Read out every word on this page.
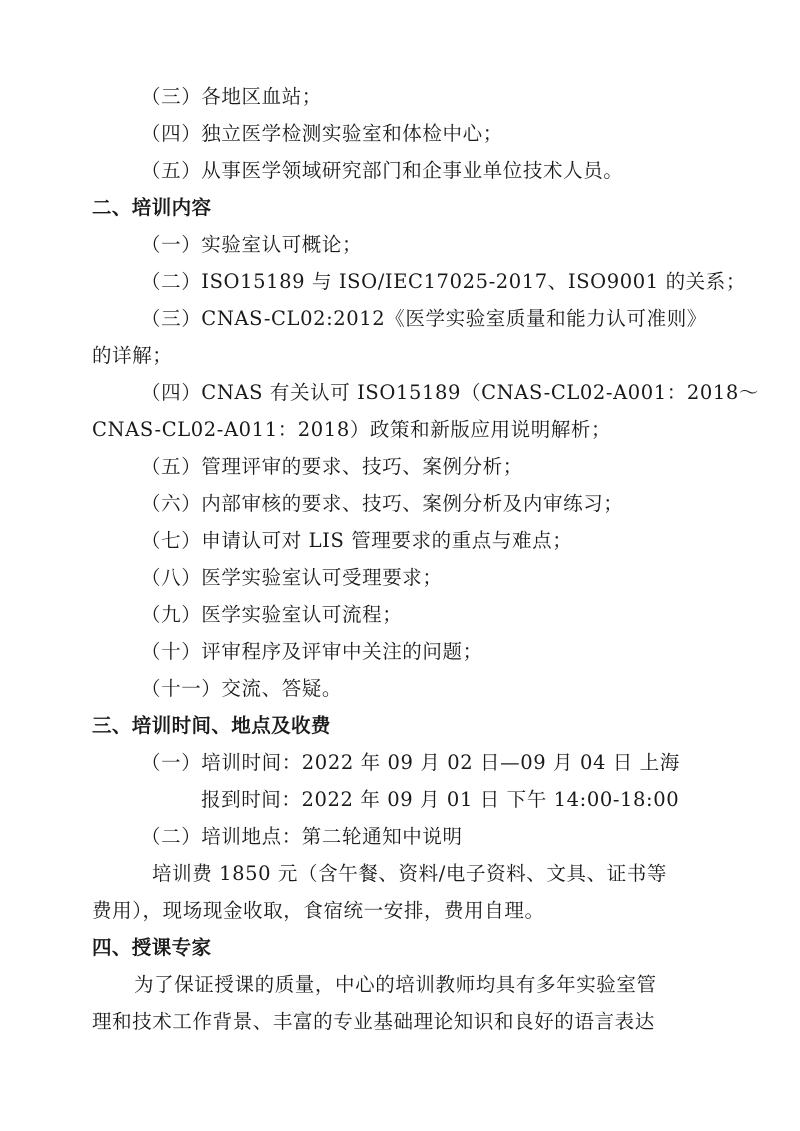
（三）各地区血站；
（四）独立医学检测实验室和体检中心；
（五）从事医学领域研究部门和企事业单位技术人员。
二、培训内容
（一）实验室认可概论；
（二）ISO15189 与 ISO/IEC17025-2017、ISO9001 的关系；
（三）CNAS-CL02:2012《医学实验室质量和能力认可准则》
的详解；
（四）CNAS 有关认可 ISO15189（CNAS-CL02-A001：2018～
CNAS-CL02-A011：2018）政策和新版应用说明解析；
（五）管理评审的要求、技巧、案例分析；
（六）内部审核的要求、技巧、案例分析及内审练习；
（七）申请认可对 LIS 管理要求的重点与难点；
（八）医学实验室认可受理要求；
（九）医学实验室认可流程；
（十）评审程序及评审中关注的问题；
（十一）交流、答疑。
三、培训时间、地点及收费
（一）培训时间：2022 年 09 月 02 日—09 月 04 日 上海
报到时间：2022 年 09 月 01 日 下午 14:00-18:00
（二）培训地点：第二轮通知中说明
培训费 1850 元（含午餐、资料/电子资料、文具、证书等
费用），现场现金收取，食宿统一安排，费用自理。
四、授课专家
为了保证授课的质量，中心的培训教师均具有多年实验室管
理和技术工作背景、丰富的专业基础理论知识和良好的语言表达
